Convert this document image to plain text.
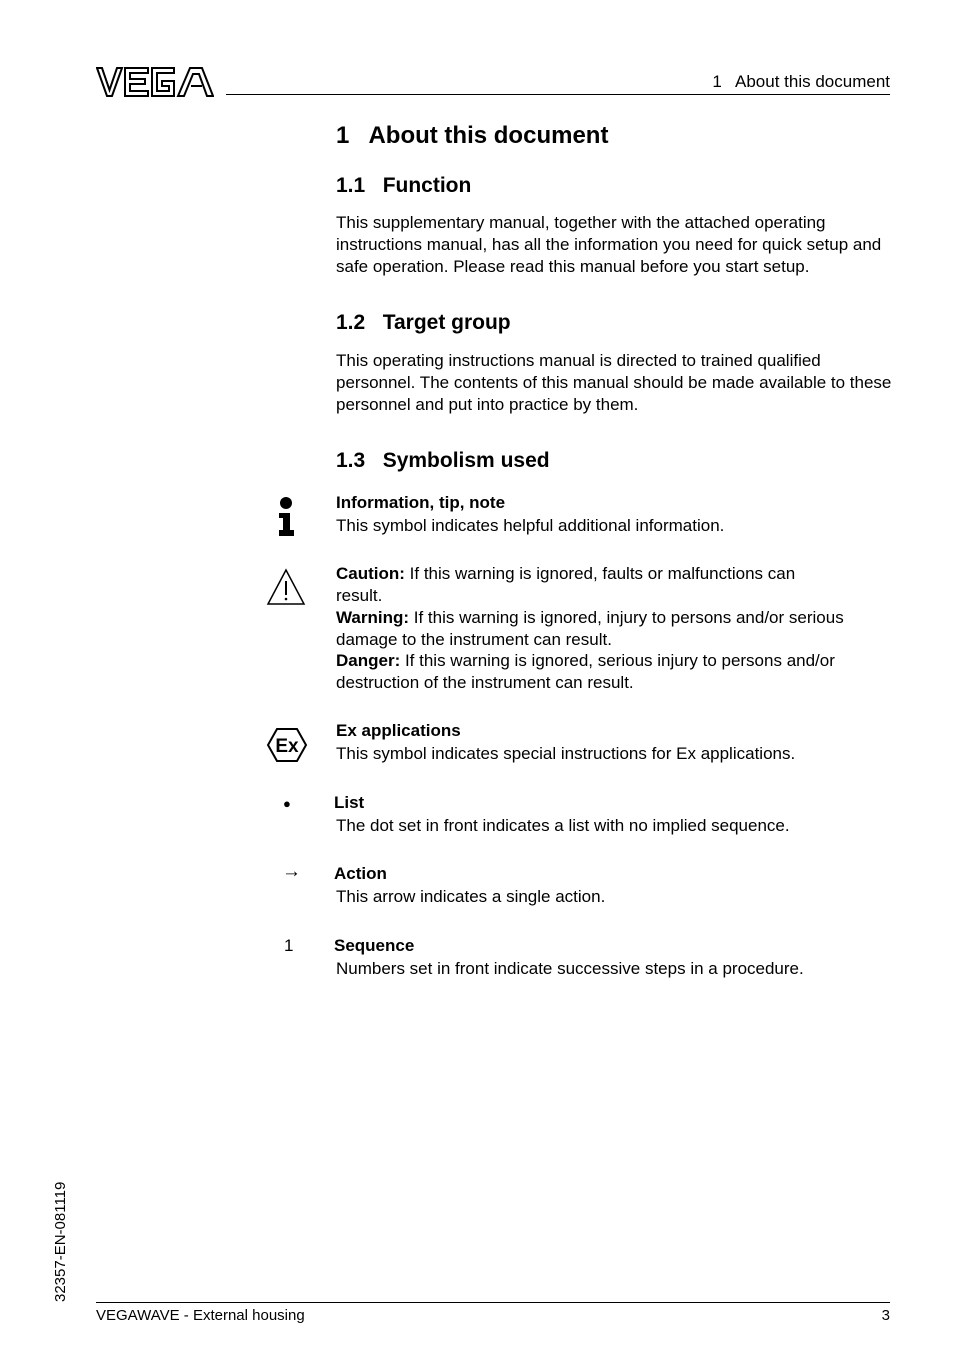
1   About this document
1   About this document
1.1   Function

This supplementary manual, together with the attached operating instructions manual, has all the information you need for quick setup and safe operation. Please read this manual before you start setup.

1.2   Target group

This operating instructions manual is directed to trained qualified personnel. The contents of this manual should be made available to these personnel and put into practice by them.

1.3   Symbolism used
Information, tip, note
This symbol indicates helpful additional information.
Caution: If this warning is ignored, faults or malfunctions can result.
Warning: If this warning is ignored, injury to persons and/or serious damage to the instrument can result.
Danger: If this warning is ignored, serious injury to persons and/or destruction of the instrument can result.
Ex
Ex applications
This symbol indicates special instructions for Ex applications.
●	List
The dot set in front indicates a list with no implied sequence.
→ Action
This arrow indicates a single action.
1 Sequence
Numbers set in front indicate successive steps in a procedure.
32357-EN-081119
VEGAWAVE - External housing	3
